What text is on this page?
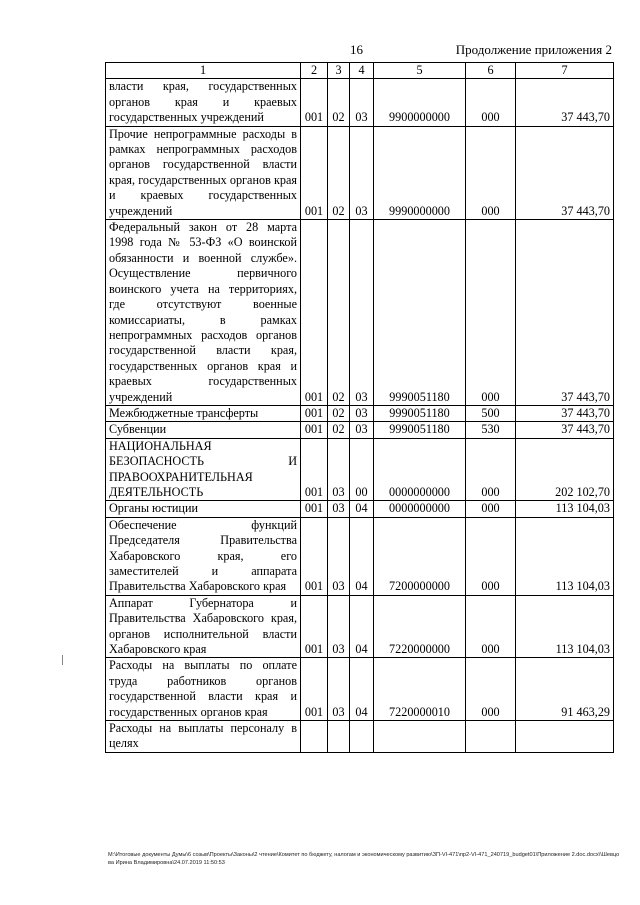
16	Продолжение приложения 2
1	2	3	4	5	6	7
власти края, государственных органов края и краевых государственных учреждений	001	02	03	9900000000	000	37 443,70
Прочие непрограммные расходы в рамках непрограммных расходов органов государственной власти края, государственных органов края и краевых государственных учреждений	001	02	03	9990000000	000	37 443,70
Федеральный закон от 28 марта 1998 года № 53-ФЗ «О воинской обязанности и военной службе». Осуществление первичного воинского учета на территориях, где отсутствуют военные комиссариаты, в рамках непрограммных расходов органов государственной власти края, государственных органов края и краевых государственных учреждений	001	02	03	9990051180	000	37 443,70
Межбюджетные трансферты	001	02	03	9990051180	500	37 443,70
Субвенции	001	02	03	9990051180	530	37 443,70
НАЦИОНАЛЬНАЯ БЕЗОПАСНОСТЬ И ПРАВООХРАНИТЕЛЬНАЯ ДЕЯТЕЛЬНОСТЬ	001	03	00	0000000000	000	202 102,70
Органы юстиции	001	03	04	0000000000	000	113 104,03
Обеспечение функций Председателя Правительства Хабаровского края, его заместителей и аппарата Правительства Хабаровского края	001	03	04	7200000000	000	113 104,03
Аппарат Губернатора и Правительства Хабаровского края, органов исполнительной власти Хабаровского края	001	03	04	7220000000	000	113 104,03
Расходы на выплаты по оплате труда работников органов государственной власти края и государственных органов края	001	03	04	7220000010	000	91 463,29
Расходы на выплаты персоналу в целях						
М:\Итоговые документы Думы\6 созыв\Проекты\Законы\2 чтение\Комитет по бюджету, налогам и экономическому развитию\ЗП-VI-471\пр2-VI-471_240719_budget01\Приложение 2.doc.docx\\Шевцова Ирина Владимировна\24.07.2019 11:50:53
